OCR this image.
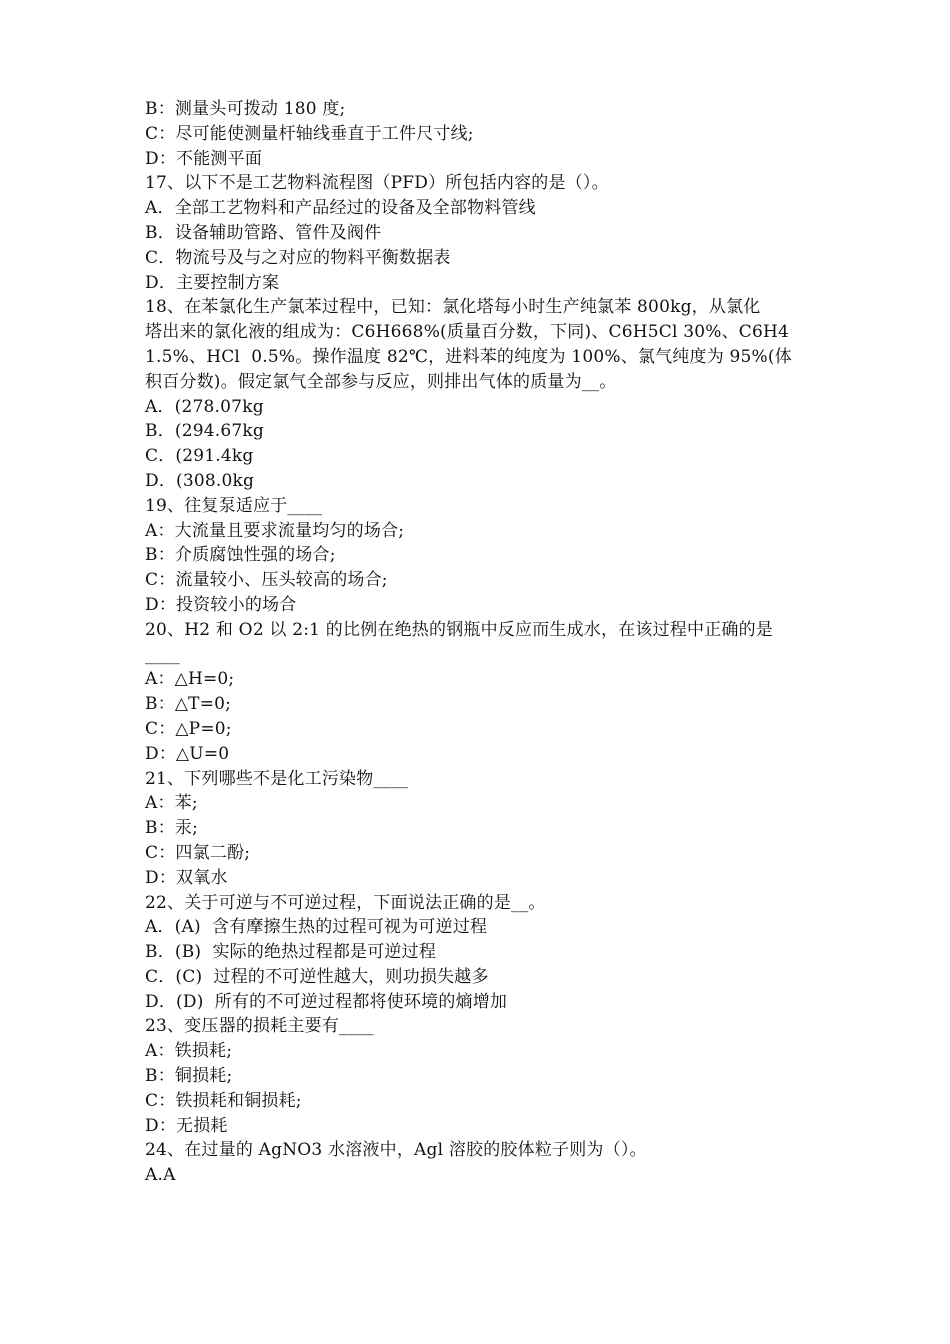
B：测量头可拨动 180 度;
C：尽可能使测量杆轴线垂直于工件尺寸线;
D：不能测平面
17、以下不是工艺物料流程图（PFD）所包括内容的是（）。
A．全部工艺物料和产品经过的设备及全部物料管线
B．设备辅助管路、管件及阀件
C．物流号及与之对应的物料平衡数据表
D．主要控制方案
18、在苯氯化生产氯苯过程中，已知：氯化塔每小时生产纯氯苯 800kg，从氯化
塔出来的氯化液的组成为：C6H668%(质量百分数，下同)、C6H5Cl 30%、C6H4
1.5%、HCl  0.5%。操作温度 82℃，进料苯的纯度为 100%、氯气纯度为 95%(体
积百分数)。假定氯气全部参与反应，则排出气体的质量为__。
A．(278.07kg
B．(294.67kg
C．(291.4kg
D．(308.0kg
19、往复泵适应于____
A：大流量且要求流量均匀的场合;
B：介质腐蚀性强的场合;
C：流量较小、压头较高的场合;
D：投资较小的场合
20、H2 和 O2 以 2:1 的比例在绝热的钢瓶中反应而生成水，在该过程中正确的是
____
A：△H=0;
B：△T=0;
C：△P=0;
D：△U=0
21、下列哪些不是化工污染物____
A：苯;
B：汞;
C：四氯二酚;
D：双氧水
22、关于可逆与不可逆过程，下面说法正确的是__。
A．(A)  含有摩擦生热的过程可视为可逆过程
B．(B)  实际的绝热过程都是可逆过程
C．(C)  过程的不可逆性越大，则功损失越多
D．(D)  所有的不可逆过程都将使环境的熵增加
23、变压器的损耗主要有____
A：铁损耗;
B：铜损耗;
C：铁损耗和铜损耗;
D：无损耗
24、在过量的 AgNO3 水溶液中，Agl 溶胶的胶体粒子则为（）。
A.A
